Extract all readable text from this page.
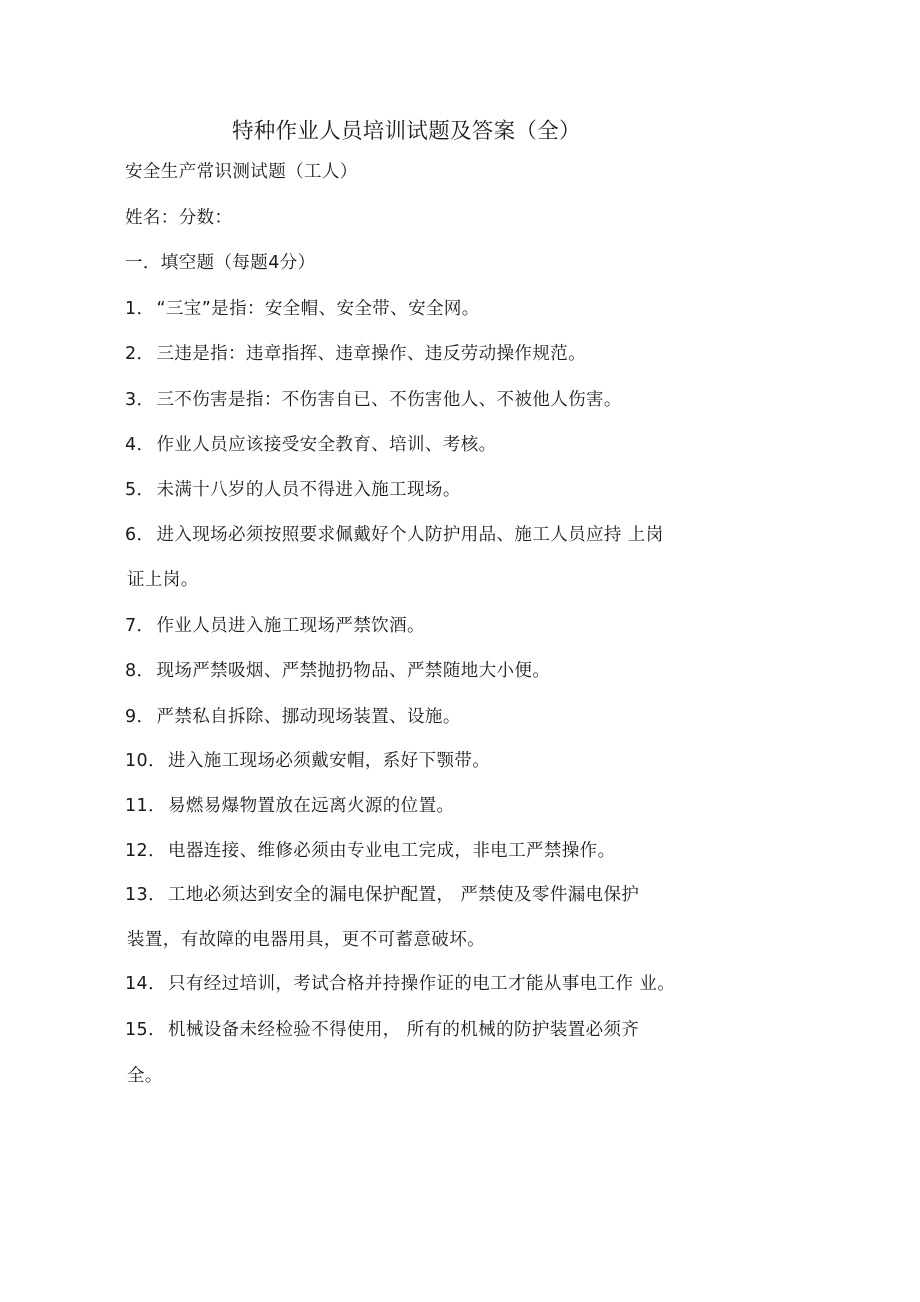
特种作业人员培训试题及答案（全）
安全生产常识测试题（工人）
姓名：分数：
一．填空题（每题4分）
1． “三宝”是指：安全帽、安全带、安全网。
2． 三违是指：违章指挥、违章操作、违反劳动操作规范。
3． 三不伤害是指：不伤害自已、不伤害他人、不被他人伤害。
4． 作业人员应该接受安全教育、培训、考核。
5． 未满十八岁的人员不得进入施工现场。
6． 进入现场必须按照要求佩戴好个人防护用品、施工人员应持 上岗
证上岗。
7． 作业人员进入施工现场严禁饮酒。
8． 现场严禁吸烟、严禁抛扔物品、严禁随地大小便。
9． 严禁私自拆除、挪动现场装置、设施。
10． 进入施工现场必须戴安帽，系好下颚带。
11． 易燃易爆物置放在远离火源的位置。
12． 电器连接、维修必须由专业电工完成，非电工严禁操作。
13． 工地必须达到安全的漏电保护配置， 严禁使及零件漏电保护
装置，有故障的电器用具，更不可蓄意破坏。
14． 只有经过培训，考试合格并持操作证的电工才能从事电工作 业。
15． 机械设备未经检验不得使用， 所有的机械的防护装置必须齐
全。
